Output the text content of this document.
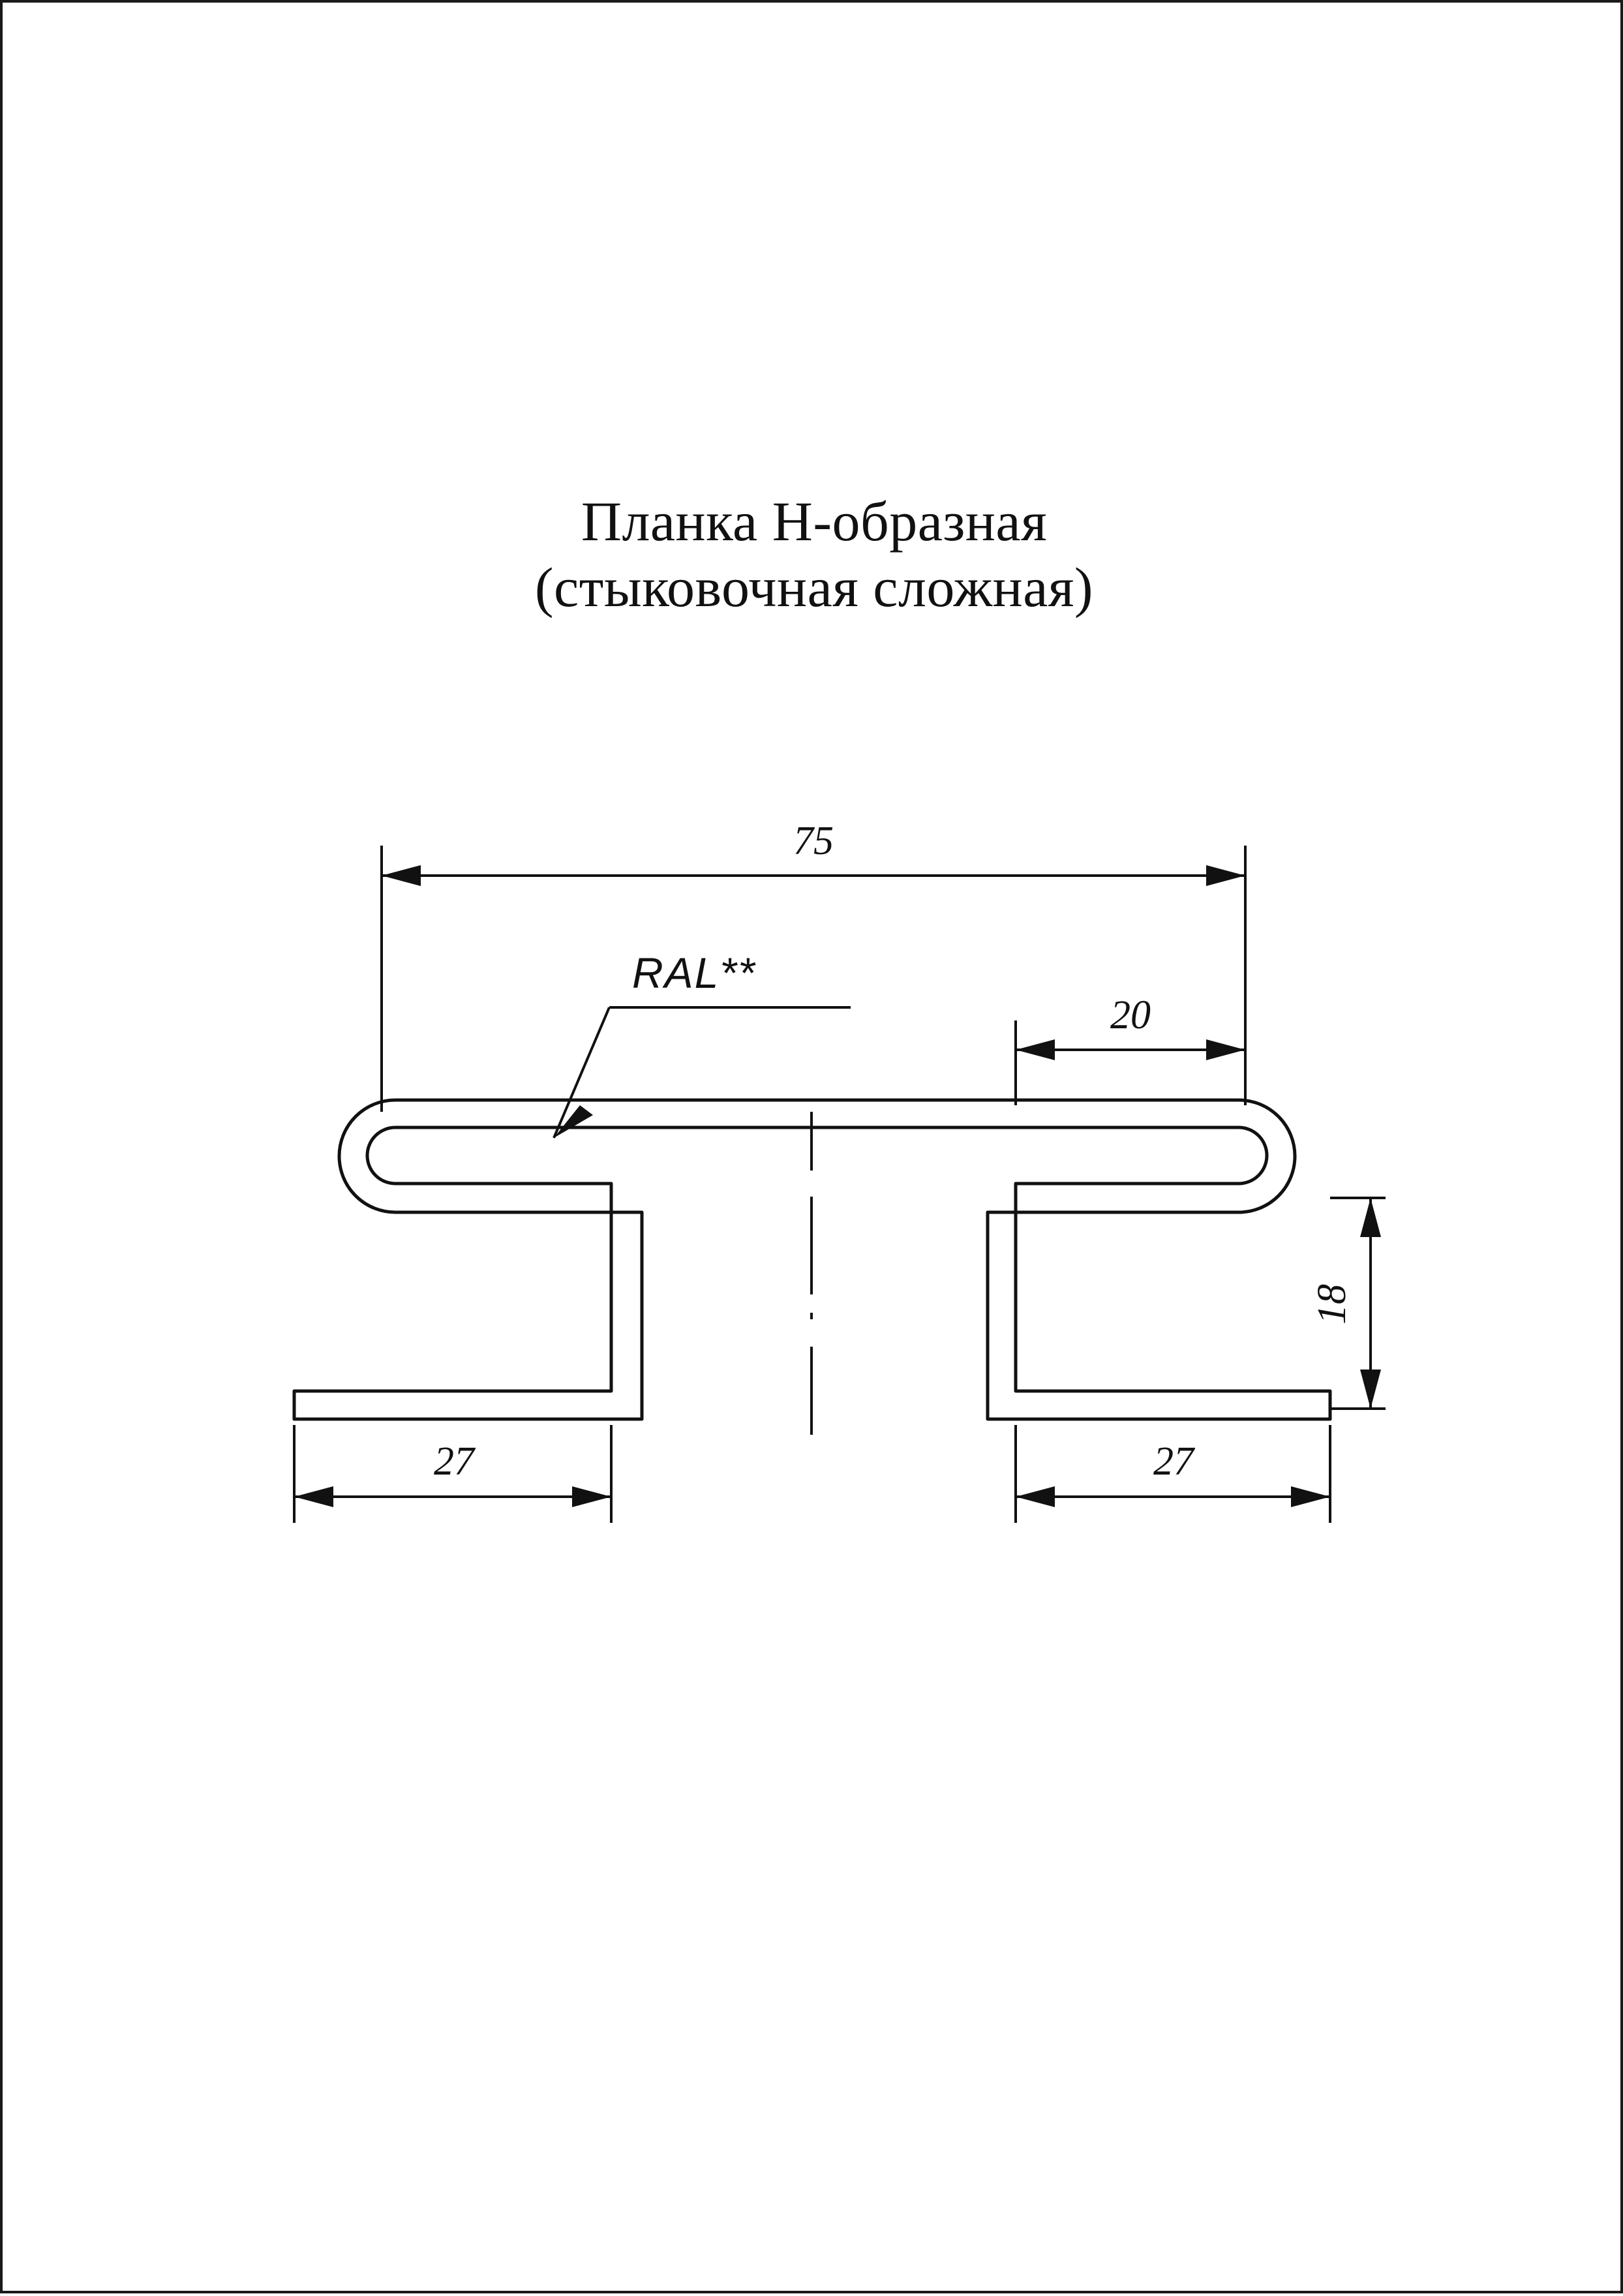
Планка Н-образная
(стыковочная сложная)
75
20
18
27	27
RAL**
